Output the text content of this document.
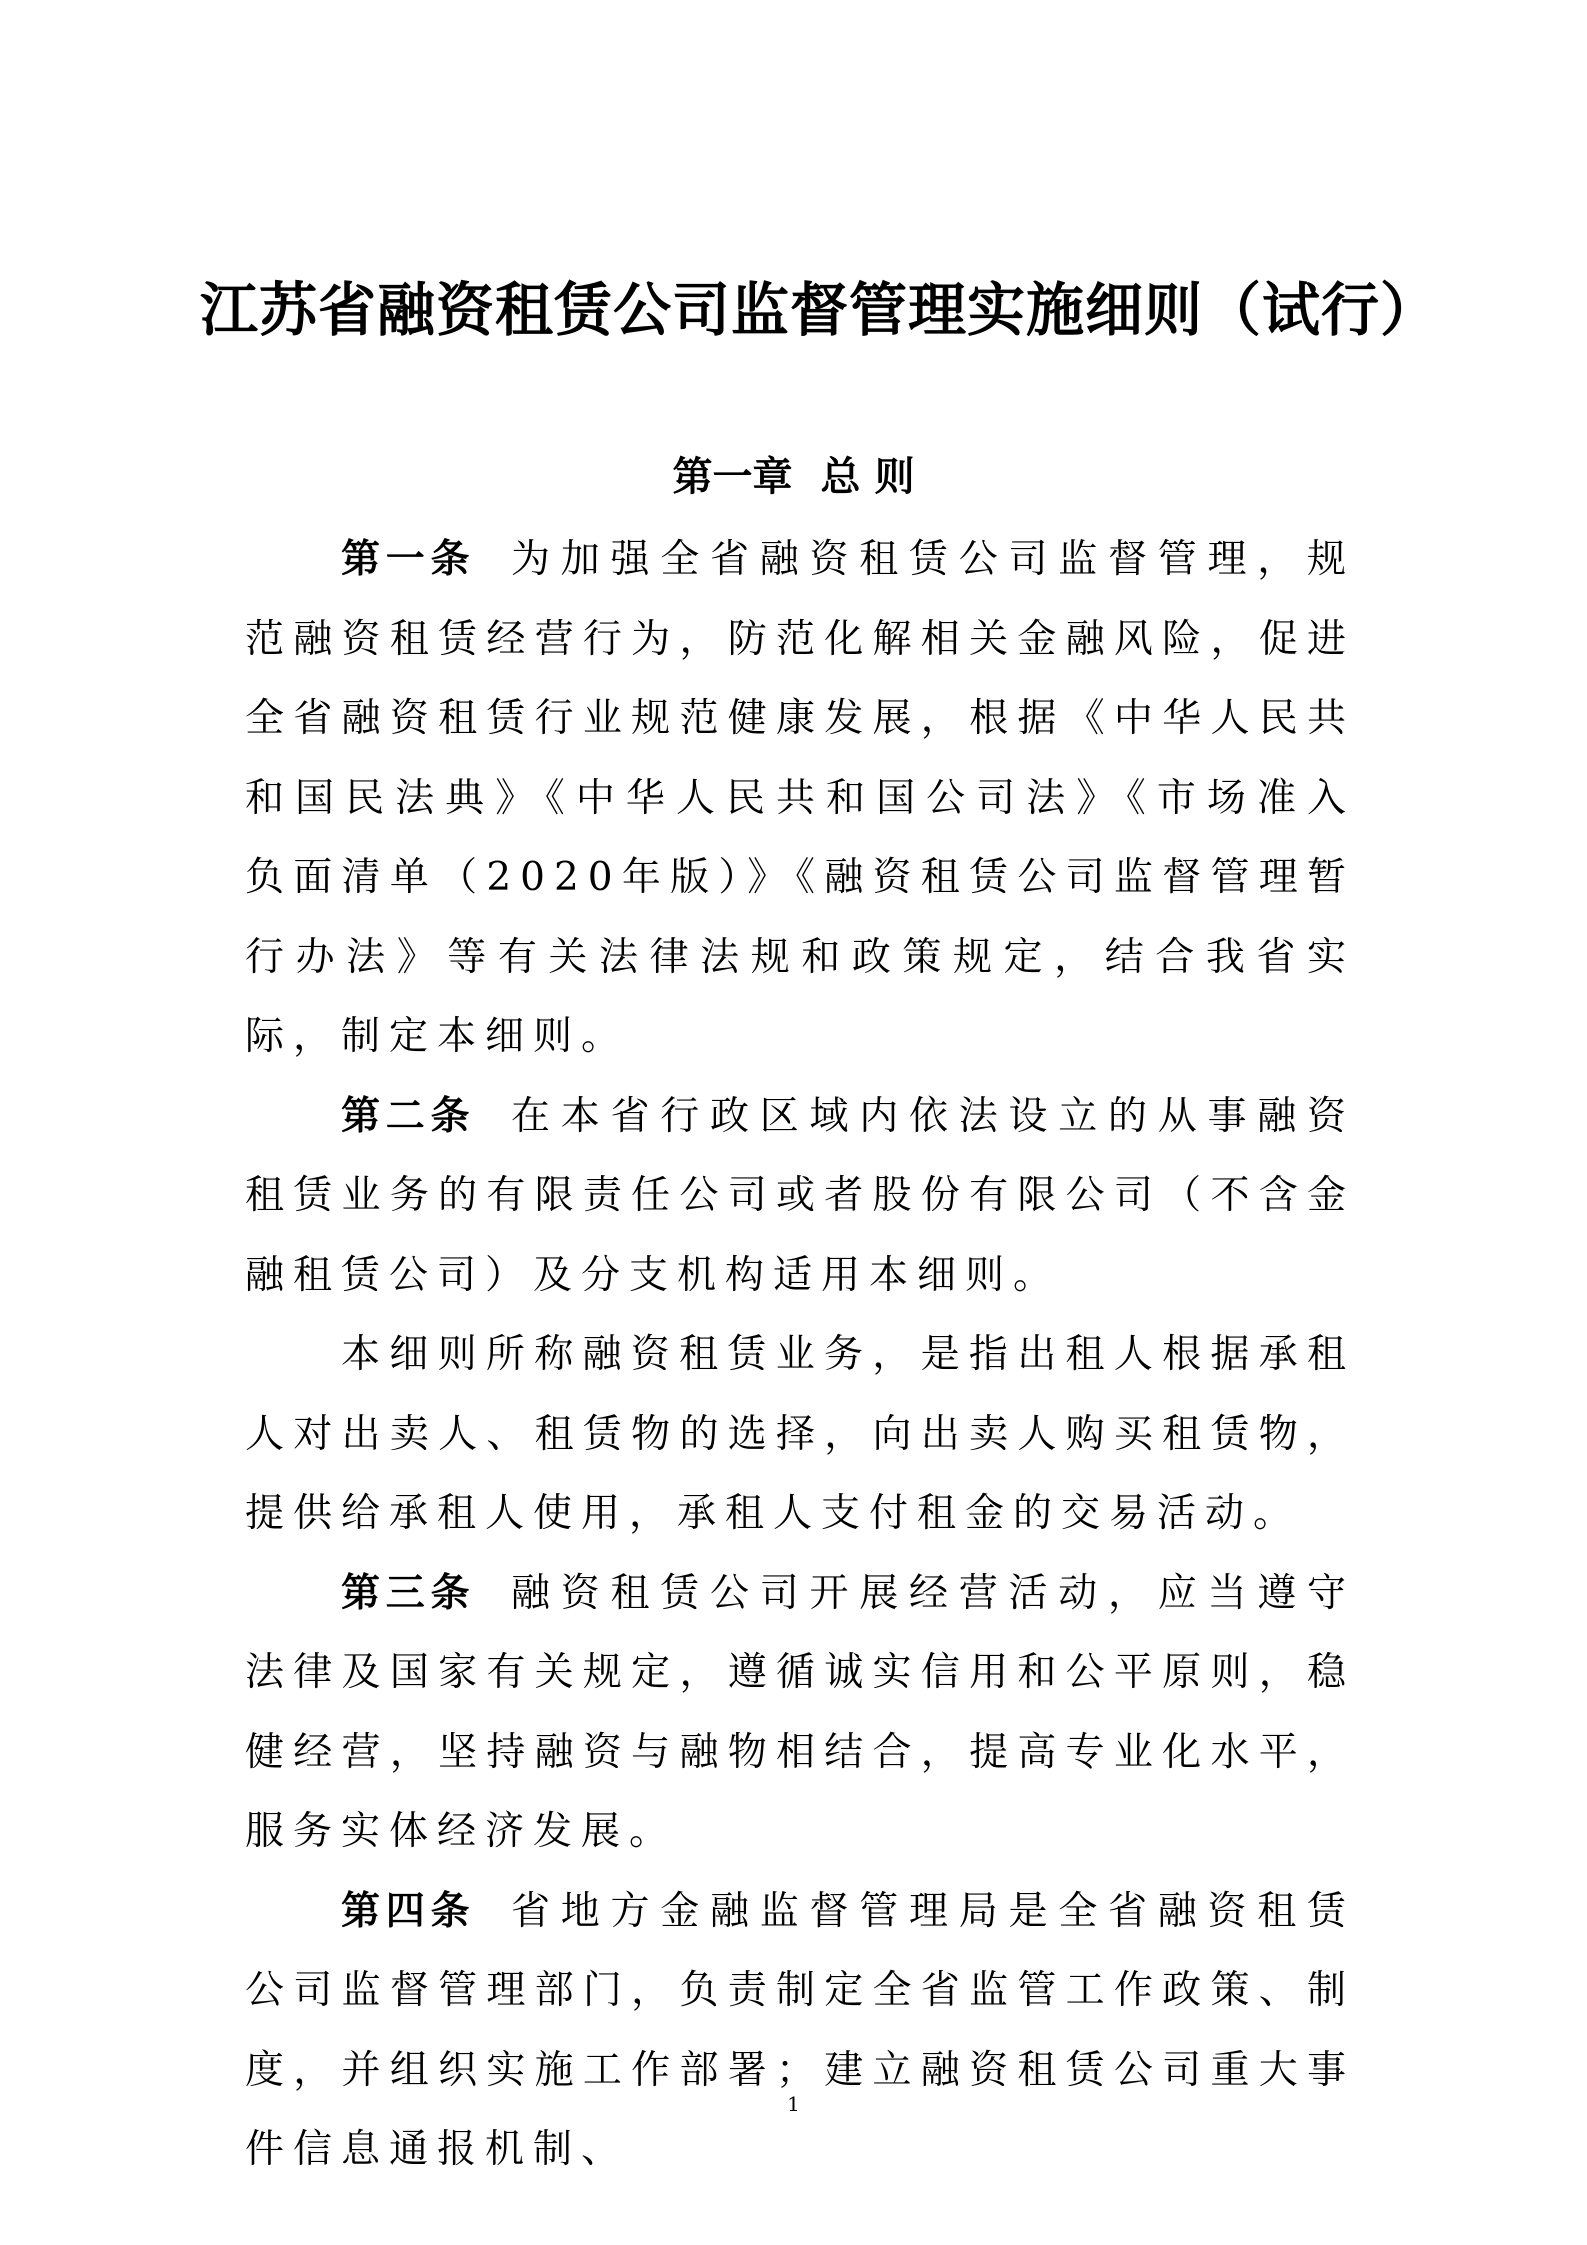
江苏省融资租赁公司监督管理实施细则（试行）
第一章 总 则

第一条 为加强全省融资租赁公司监督管理，规范融资租赁经营行为，防范化解相关金融风险，促进全省融资租赁行业规范健康发展，根据《中华人民共和国民法典》《中华人民共和国公司法》《市场准入负面清单（2020年版）》《融资租赁公司监督管理暂行办法》等有关法律法规和政策规定，结合我省实际，制定本细则。

第二条 在本省行政区域内依法设立的从事融资租赁业务的有限责任公司或者股份有限公司（不含金融租赁公司）及分支机构适用本细则。

本细则所称融资租赁业务，是指出租人根据承租人对出卖人、租赁物的选择，向出卖人购买租赁物，提供给承租人使用，承租人支付租金的交易活动。

第三条 融资租赁公司开展经营活动，应当遵守法律及国家有关规定，遵循诚实信用和公平原则，稳健经营，坚持融资与融物相结合，提高专业化水平，服务实体经济发展。

第四条 省地方金融监督管理局是全省融资租赁公司监督管理部门，负责制定全省监管工作政策、制度，并组织实施工作部署；建立融资租赁公司重大事件信息通报机制、

1
